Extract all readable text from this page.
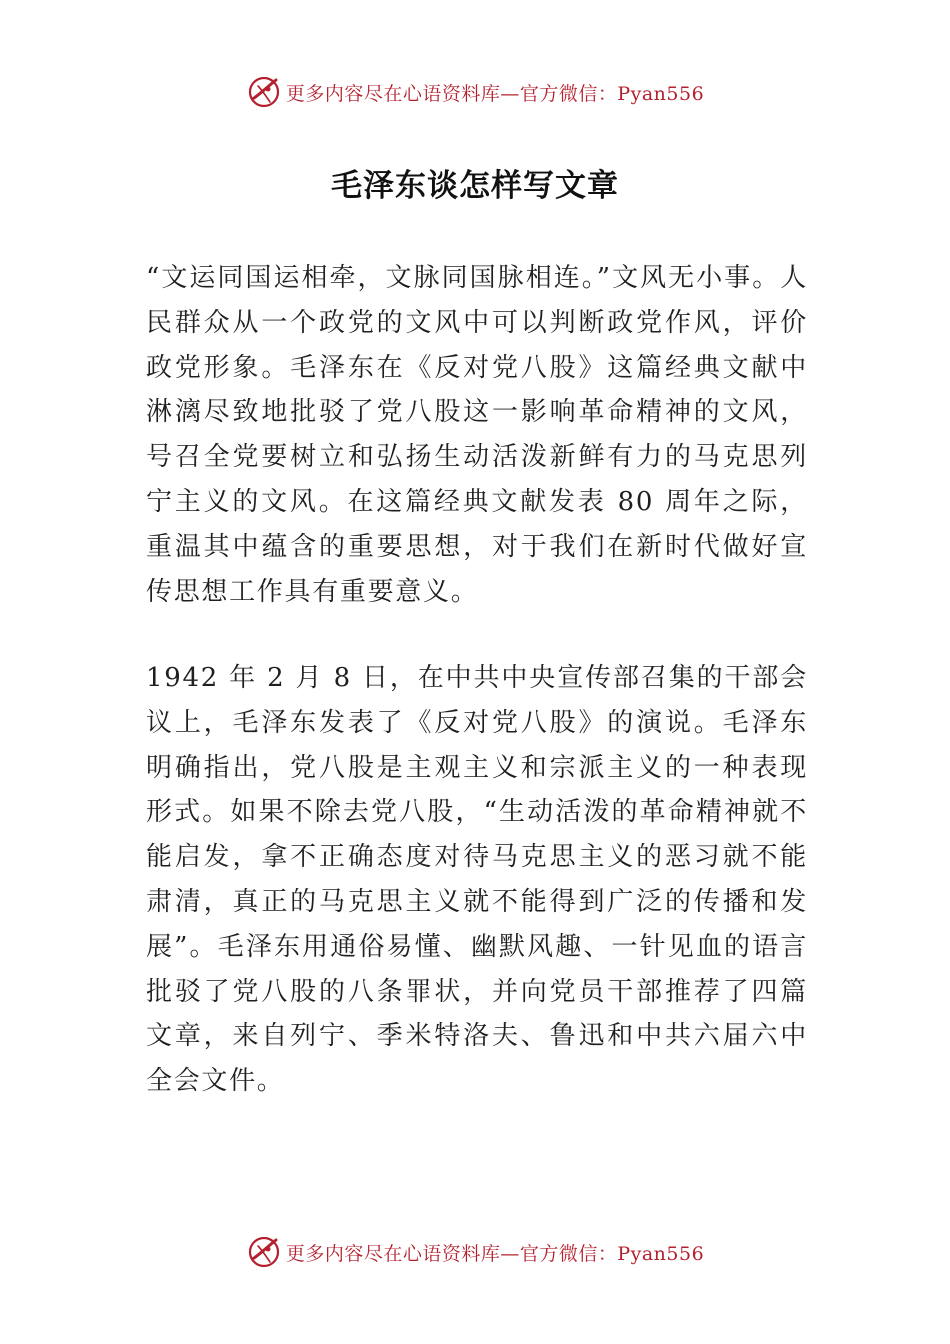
更多内容尽在心语资料库—官方微信：Pyan556
毛泽东谈怎样写文章

“文运同国运相牵，文脉同国脉相连。”文风无小事。人民群众从一个政党的文风中可以判断政党作风，评价政党形象。毛泽东在《反对党八股》这篇经典文献中淋漓尽致地批驳了党八股这一影响革命精神的文风，号召全党要树立和弘扬生动活泼新鲜有力的马克思列宁主义的文风。在这篇经典文献发表 80 周年之际，重温其中蕴含的重要思想，对于我们在新时代做好宣传思想工作具有重要意义。

1942 年 2 月 8 日，在中共中央宣传部召集的干部会议上，毛泽东发表了《反对党八股》的演说。毛泽东明确指出，党八股是主观主义和宗派主义的一种表现形式。如果不除去党八股，“生动活泼的革命精神就不能启发，拿不正确态度对待马克思主义的恶习就不能肃清，真正的马克思主义就不能得到广泛的传播和发展”。毛泽东用通俗易懂、幽默风趣、一针见血的语言批驳了党八股的八条罪状，并向党员干部推荐了四篇文章，来自列宁、季米特洛夫、鲁迅和中共六届六中全会文件。

更多内容尽在心语资料库—官方微信：Pyan556
